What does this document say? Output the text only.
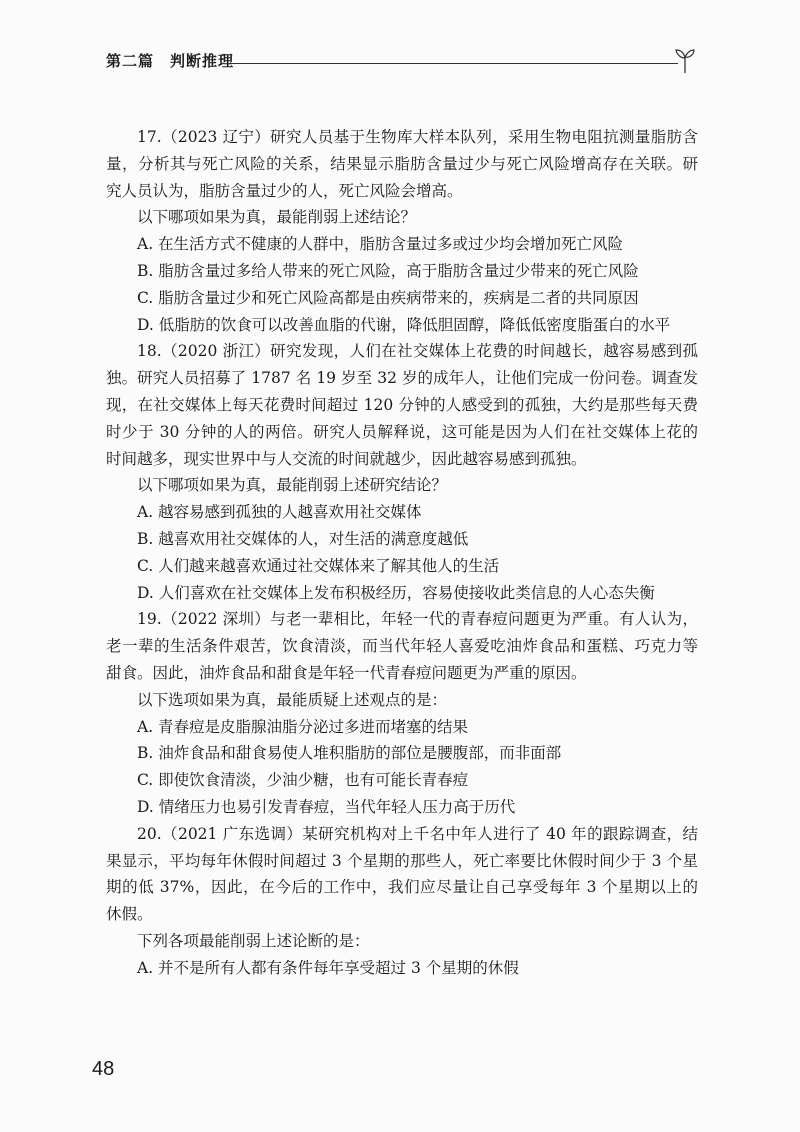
第二篇　判断推理
17.（2023 辽宁）研究人员基于生物库大样本队列，采用生物电阻抗测量脂肪含
量，分析其与死亡风险的关系，结果显示脂肪含量过少与死亡风险增高存在关联。研
究人员认为，脂肪含量过少的人，死亡风险会增高。
以下哪项如果为真，最能削弱上述结论？
A. 在生活方式不健康的人群中，脂肪含量过多或过少均会增加死亡风险
B. 脂肪含量过多给人带来的死亡风险，高于脂肪含量过少带来的死亡风险
C. 脂肪含量过少和死亡风险高都是由疾病带来的，疾病是二者的共同原因
D. 低脂肪的饮食可以改善血脂的代谢，降低胆固醇，降低低密度脂蛋白的水平
18.（2020 浙江）研究发现，人们在社交媒体上花费的时间越长，越容易感到孤
独。研究人员招募了 1787 名 19 岁至 32 岁的成年人，让他们完成一份问卷。调查发
现，在社交媒体上每天花费时间超过 120 分钟的人感受到的孤独，大约是那些每天费
时少于 30 分钟的人的两倍。研究人员解释说，这可能是因为人们在社交媒体上花的
时间越多，现实世界中与人交流的时间就越少，因此越容易感到孤独。
以下哪项如果为真，最能削弱上述研究结论？
A. 越容易感到孤独的人越喜欢用社交媒体
B. 越喜欢用社交媒体的人，对生活的满意度越低
C. 人们越来越喜欢通过社交媒体来了解其他人的生活
D. 人们喜欢在社交媒体上发布积极经历，容易使接收此类信息的人心态失衡
19.（2022 深圳）与老一辈相比，年轻一代的青春痘问题更为严重。有人认为，
老一辈的生活条件艰苦，饮食清淡，而当代年轻人喜爱吃油炸食品和蛋糕、巧克力等
甜食。因此，油炸食品和甜食是年轻一代青春痘问题更为严重的原因。
以下选项如果为真，最能质疑上述观点的是：
A. 青春痘是皮脂腺油脂分泌过多进而堵塞的结果
B. 油炸食品和甜食易使人堆积脂肪的部位是腰腹部，而非面部
C. 即使饮食清淡，少油少糖，也有可能长青春痘
D. 情绪压力也易引发青春痘，当代年轻人压力高于历代
20.（2021 广东选调）某研究机构对上千名中年人进行了 40 年的跟踪调查，结
果显示，平均每年休假时间超过 3 个星期的那些人，死亡率要比休假时间少于 3 个星
期的低 37%，因此，在今后的工作中，我们应尽量让自己享受每年 3 个星期以上的
休假。
下列各项最能削弱上述论断的是：
A. 并不是所有人都有条件每年享受超过 3 个星期的休假
48
